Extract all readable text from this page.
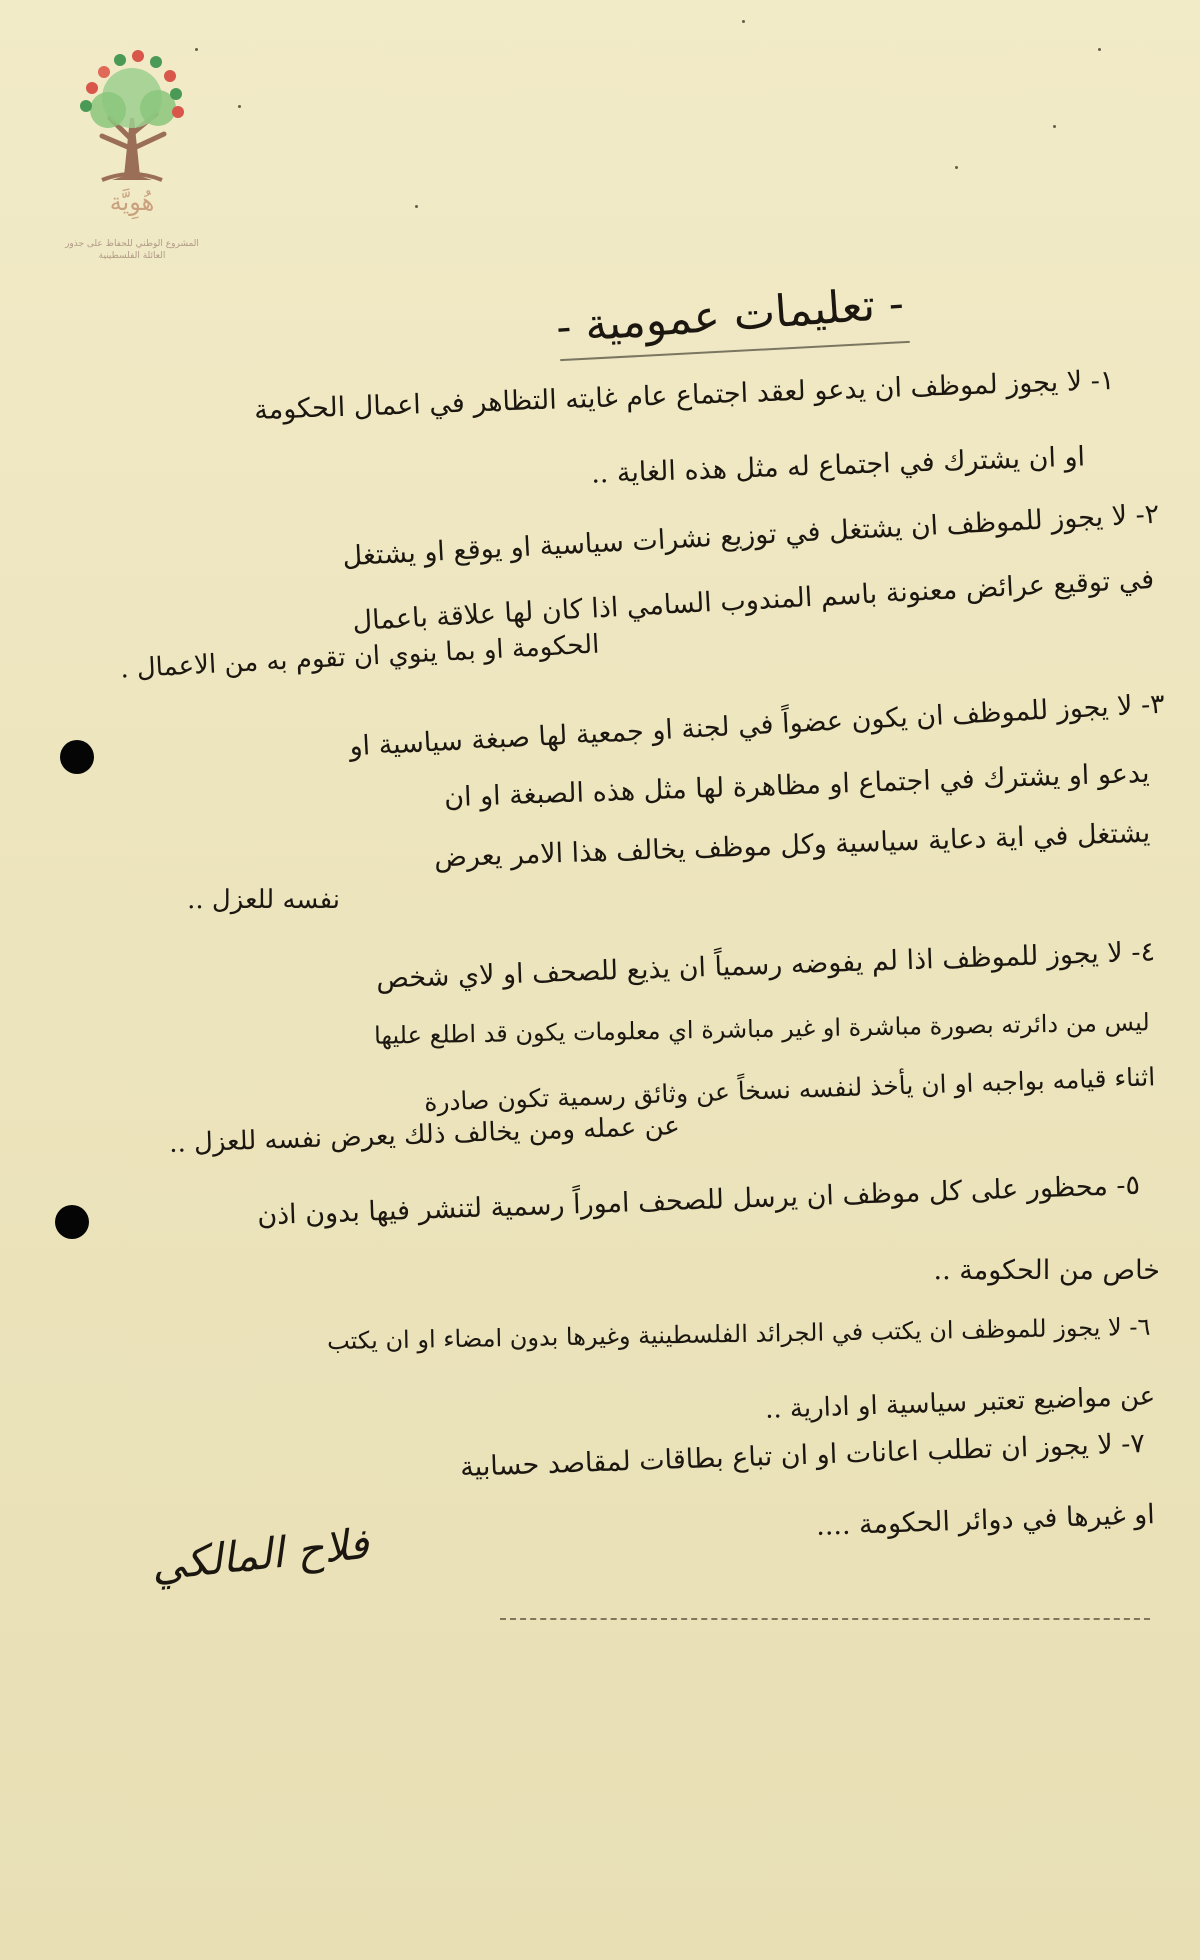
هُوِيَّة
المشروع الوطني للحفاظ على جذور العائلة الفلسطينية
- تعليمات عمومية -
١- لا يجوز لموظف ان يدعو لعقد اجتماع عام غايته التظاهر في اعمال الحكومة
او ان يشترك في اجتماع له مثل هذه الغاية ..
٢- لا يجوز للموظف ان يشتغل في توزيع نشرات سياسية او يوقع او يشتغل
في توقيع عرائض معنونة باسم المندوب السامي اذا كان لها علاقة باعمال
الحكومة او بما ينوي ان تقوم به من الاعمال .
٣- لا يجوز للموظف ان يكون عضواً في لجنة او جمعية لها صبغة سياسية او
يدعو او يشترك في اجتماع او مظاهرة لها مثل هذه الصبغة او ان
يشتغل في اية دعاية سياسية وكل موظف يخالف هذا الامر يعرض
نفسه للعزل ..
٤- لا يجوز للموظف اذا لم يفوضه رسمياً ان يذيع للصحف او لاي شخص
ليس من دائرته بصورة مباشرة او غير مباشرة اي معلومات يكون قد اطلع عليها
اثناء قيامه بواجبه او ان يأخذ لنفسه نسخاً عن وثائق رسمية تكون صادرة
عن عمله ومن يخالف ذلك يعرض نفسه للعزل ..
٥- محظور على كل موظف ان يرسل للصحف اموراً رسمية لتنشر فيها بدون اذن
خاص من الحكومة ..
٦- لا يجوز للموظف ان يكتب في الجرائد الفلسطينية وغيرها بدون امضاء او ان يكتب
عن مواضيع تعتبر سياسية او ادارية ..
٧- لا يجوز ان تطلب اعانات او ان تباع بطاقات لمقاصد حسابية
او غيرها في دوائر الحكومة ....
فلاح المالكي
